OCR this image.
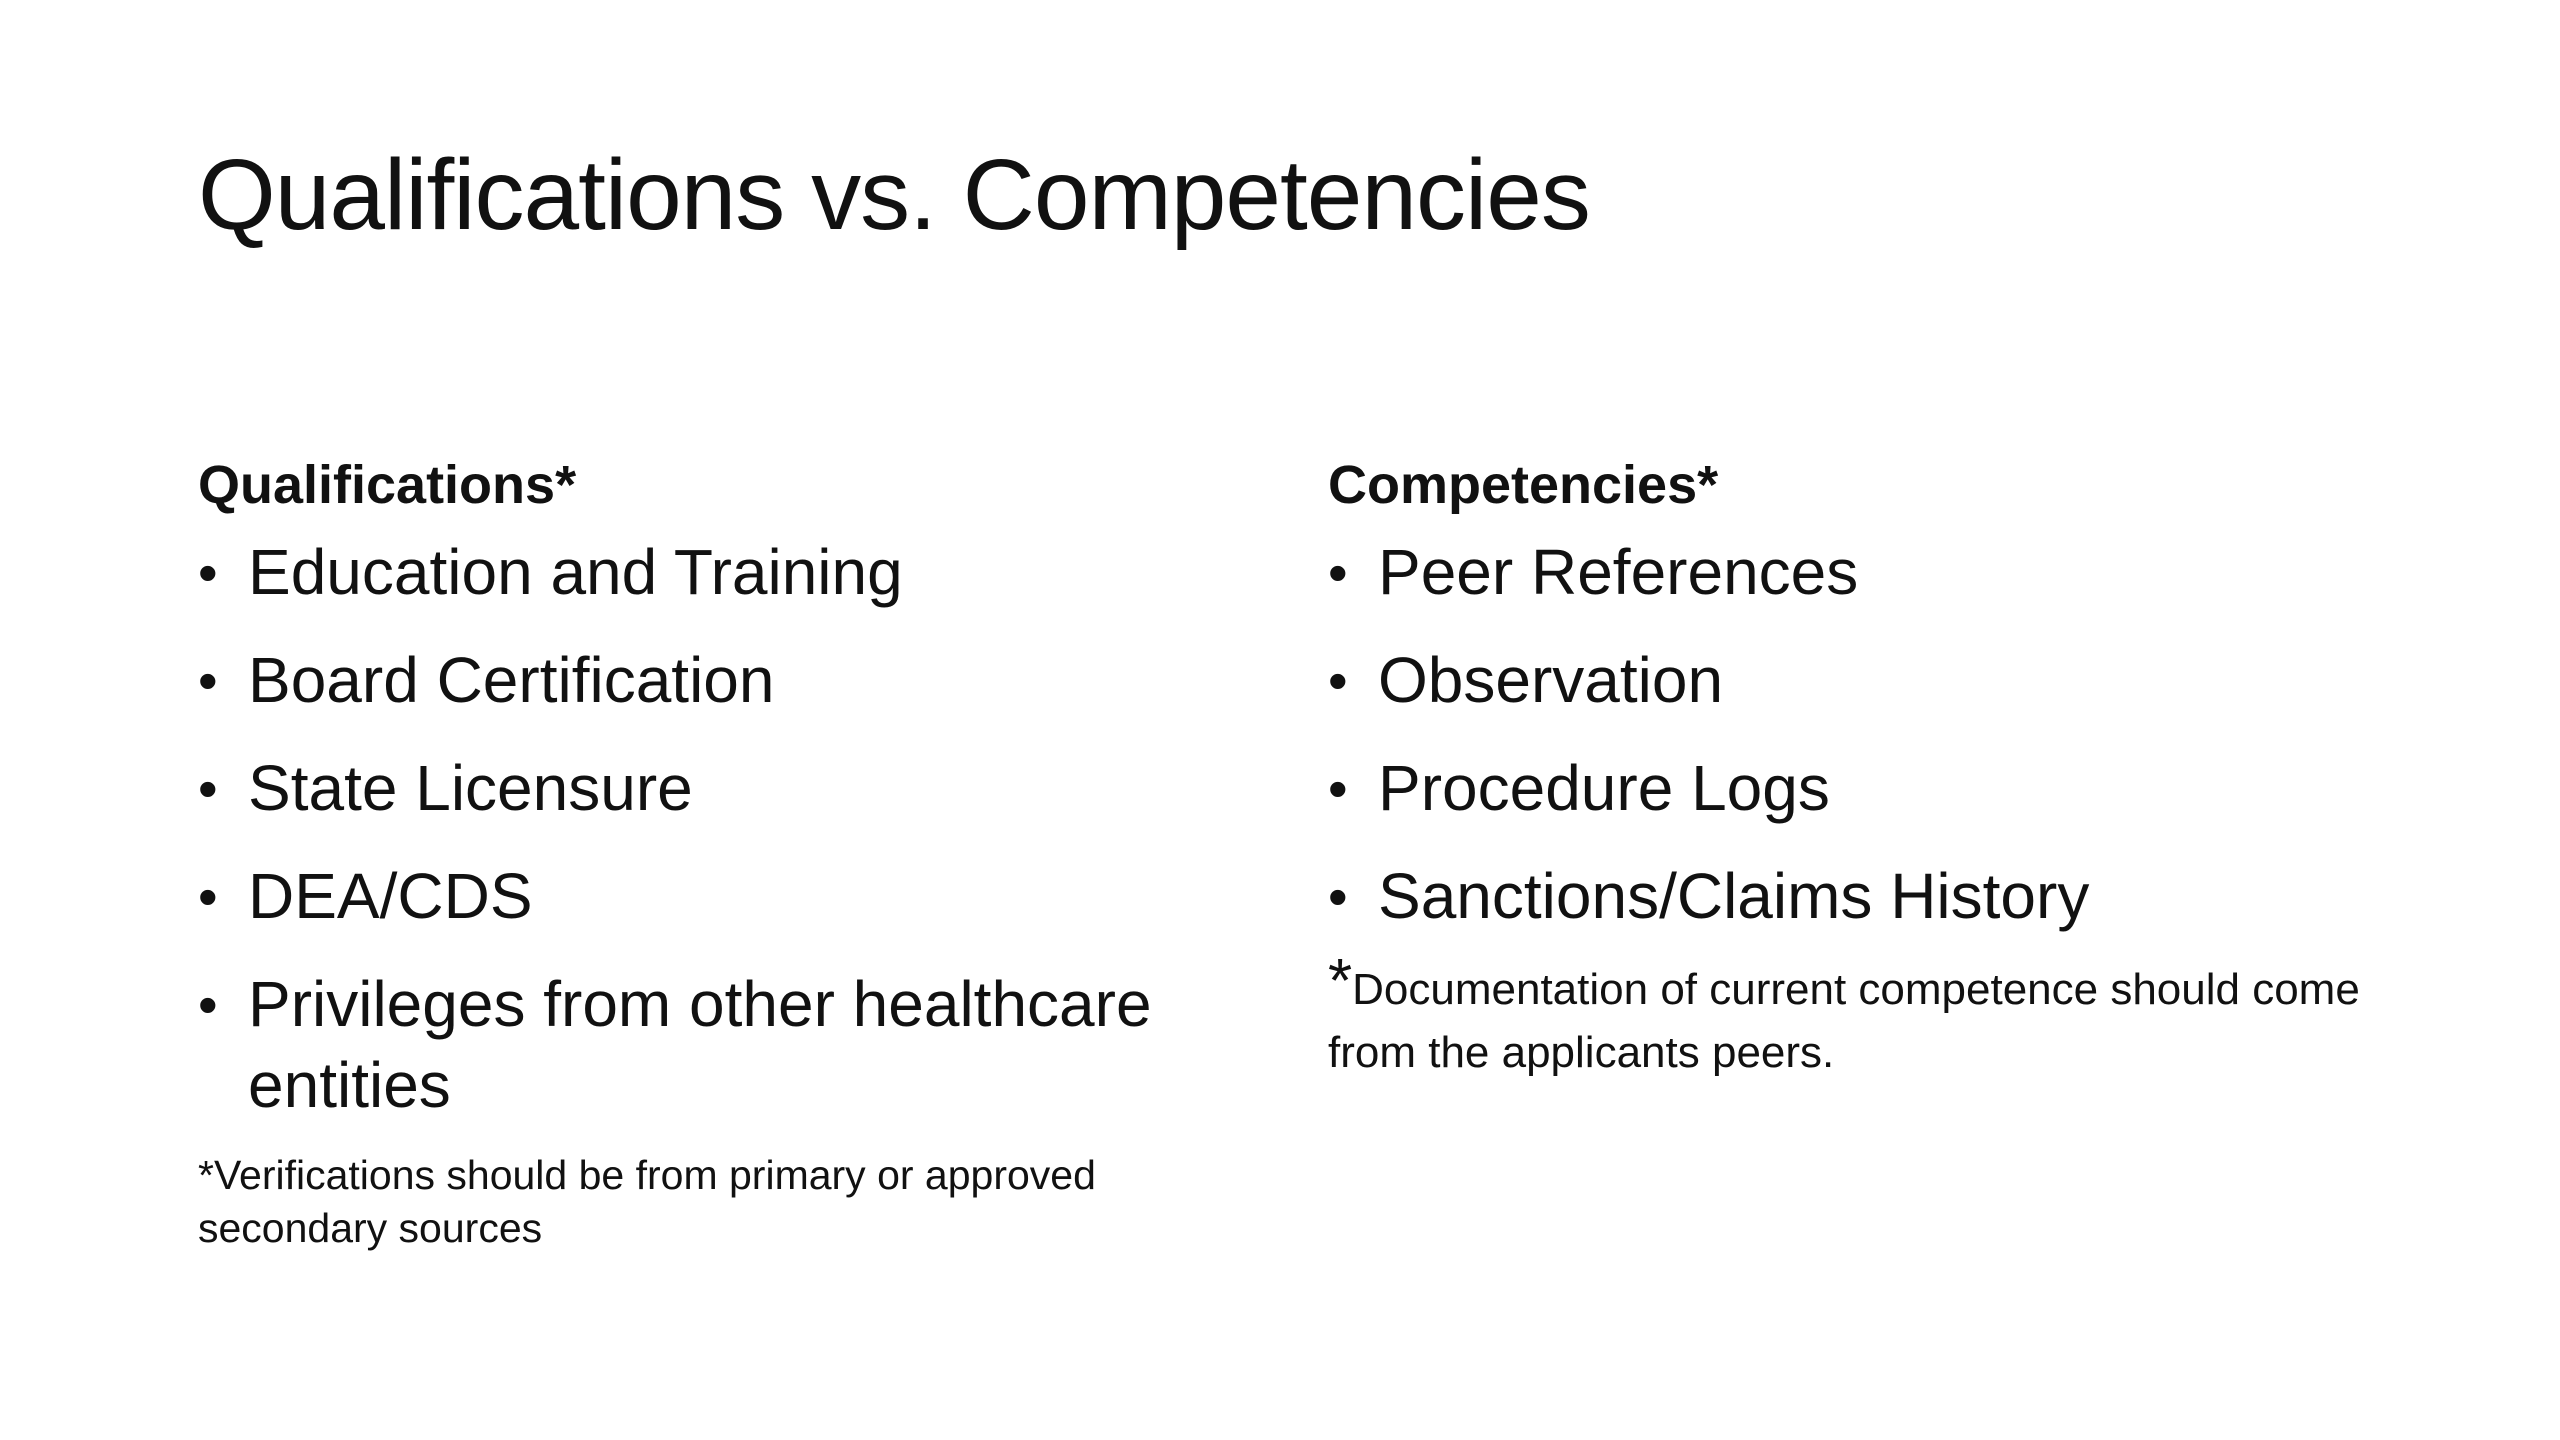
Qualifications vs. Competencies
Qualifications*
• Education and Training
• Board Certification
• State Licensure
• DEA/CDS
• Privileges from other healthcare entities
*Verifications should be from primary or approved secondary sources
Competencies*
• Peer References
• Observation
• Procedure Logs
• Sanctions/Claims History
*Documentation of current competence should come from the applicants peers.
